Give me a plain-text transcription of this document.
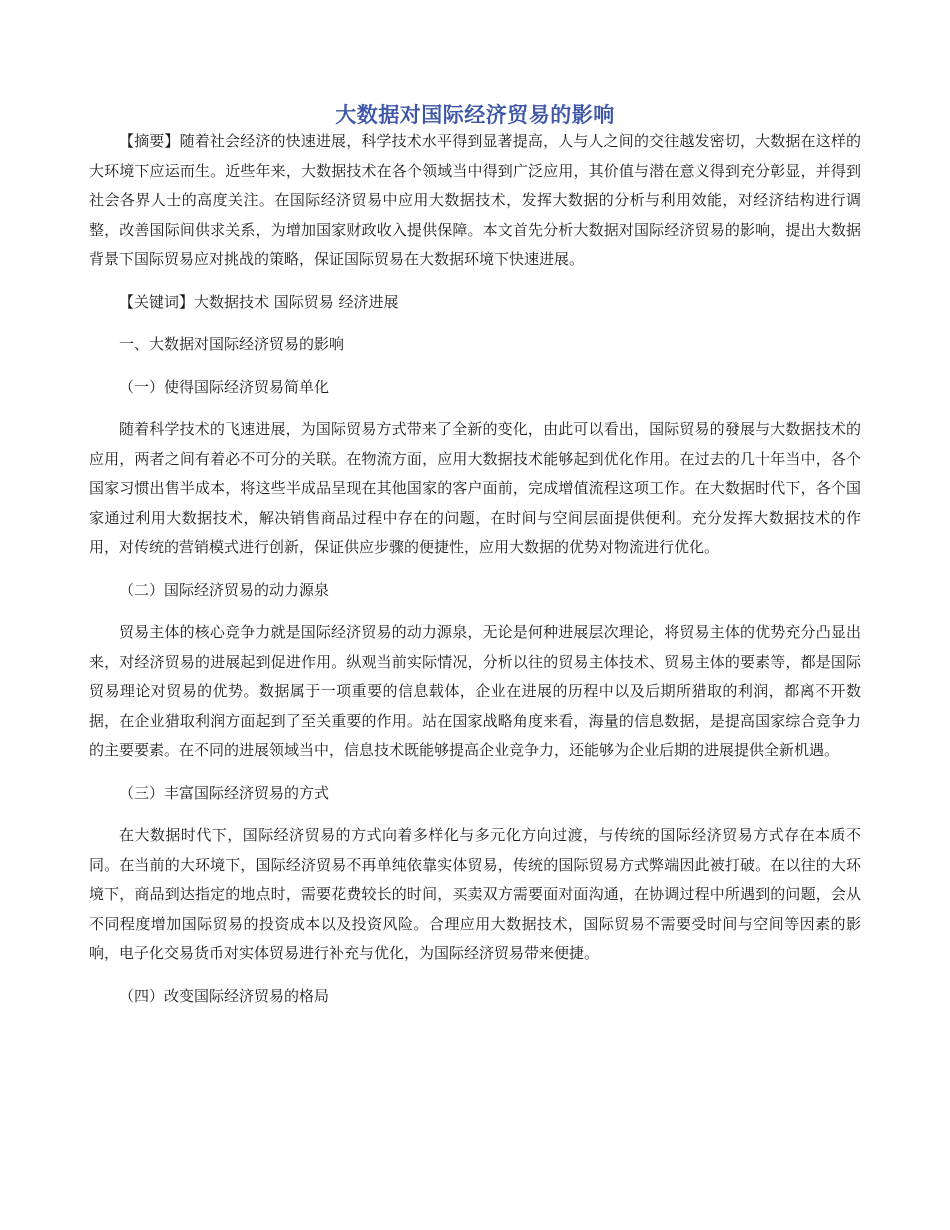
大数据对国际经济贸易的影响

【摘要】随着社会经济的快速进展，科学技术水平得到显著提高，人与人之间的交往越发密切，大数据在这样的大环境下应运而生。近些年来，大数据技术在各个领域当中得到广泛应用，其价值与潜在意义得到充分彰显，并得到社会各界人士的高度关注。在国际经济贸易中应用大数据技术，发挥大数据的分析与利用效能，对经济结构进行调整，改善国际间供求关系，为增加国家财政收入提供保障。本文首先分析大数据对国际经济贸易的影响，提出大数据背景下国际贸易应对挑战的策略，保证国际贸易在大数据环境下快速进展。

【关键词】大数据技术 国际贸易 经济进展

一、大数据对国际经济贸易的影响

（一）使得国际经济贸易简单化

随着科学技术的飞速进展，为国际贸易方式带来了全新的变化，由此可以看出，国际贸易的發展与大数据技术的应用，两者之间有着必不可分的关联。在物流方面，应用大数据技术能够起到优化作用。在过去的几十年当中，各个国家习惯出售半成本，将这些半成品呈现在其他国家的客户面前，完成增值流程这项工作。在大数据时代下，各个国家通过利用大数据技术，解决销售商品过程中存在的问题，在时间与空间层面提供便利。充分发挥大数据技术的作用，对传统的营销模式进行创新，保证供应步骤的便捷性，应用大数据的优势对物流进行优化。

（二）国际经济贸易的动力源泉

贸易主体的核心竞争力就是国际经济贸易的动力源泉，无论是何种进展层次理论，将贸易主体的优势充分凸显出来，对经济贸易的进展起到促进作用。纵观当前实际情况，分析以往的贸易主体技术、贸易主体的要素等，都是国际贸易理论对贸易的优势。数据属于一项重要的信息载体，企业在进展的历程中以及后期所猎取的利润，都离不开数据，在企业猎取利润方面起到了至关重要的作用。站在国家战略角度来看，海量的信息数据，是提高国家综合竞争力的主要要素。在不同的进展领域当中，信息技术既能够提高企业竞争力，还能够为企业后期的进展提供全新机遇。

（三）丰富国际经济贸易的方式

在大数据时代下，国际经济贸易的方式向着多样化与多元化方向过渡，与传统的国际经济贸易方式存在本质不同。在当前的大环境下，国际经济贸易不再单纯依靠实体贸易，传统的国际贸易方式弊端因此被打破。在以往的大环境下，商品到达指定的地点时，需要花费较长的时间，买卖双方需要面对面沟通，在协调过程中所遇到的问题，会从不同程度增加国际贸易的投资成本以及投资风险。合理应用大数据技术，国际贸易不需要受时间与空间等因素的影响，电子化交易货币对实体贸易进行补充与优化，为国际经济贸易带来便捷。

（四）改变国际经济贸易的格局
